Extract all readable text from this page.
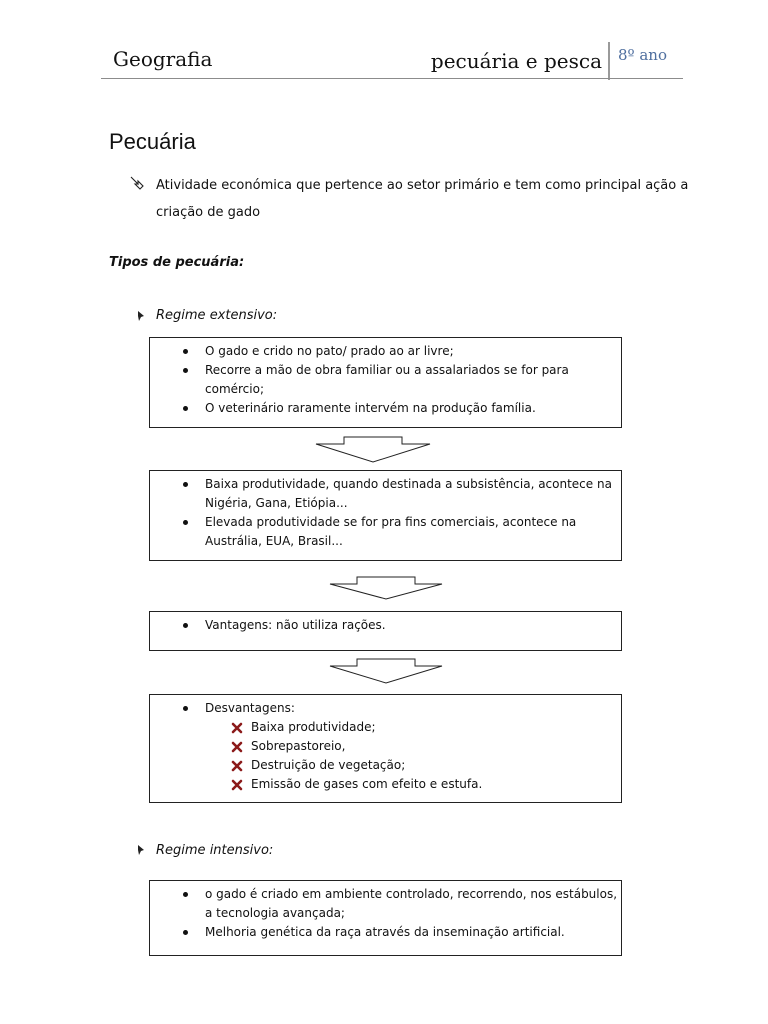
Geografia	pecuária e pesca 8º ano
Pecuária
Atividade económica que pertence ao setor primário e tem como principal ação a criação de gado
Tipos de pecuária:
Regime extensivo:
O gado e crido no pato/ prado ao ar livre;
Recorre a mão de obra familiar ou a assalariados se for para comércio;
O veterinário raramente intervém na produção família.
Baixa produtividade, quando destinada a subsistência, acontece na Nigéria, Gana, Etiópia...
Elevada produtividade se for pra fins comerciais, acontece na Austrália, EUA, Brasil...
Vantagens: não utiliza rações.
Desvantagens:
Baixa produtividade;
Sobrepastoreio,
Destruição de vegetação;
Emissão de gases com efeito e estufa.
Regime intensivo:
o gado é criado em ambiente controlado, recorrendo, nos estábulos, a tecnologia avançada;
Melhoria genética da raça através da inseminação artificial.
